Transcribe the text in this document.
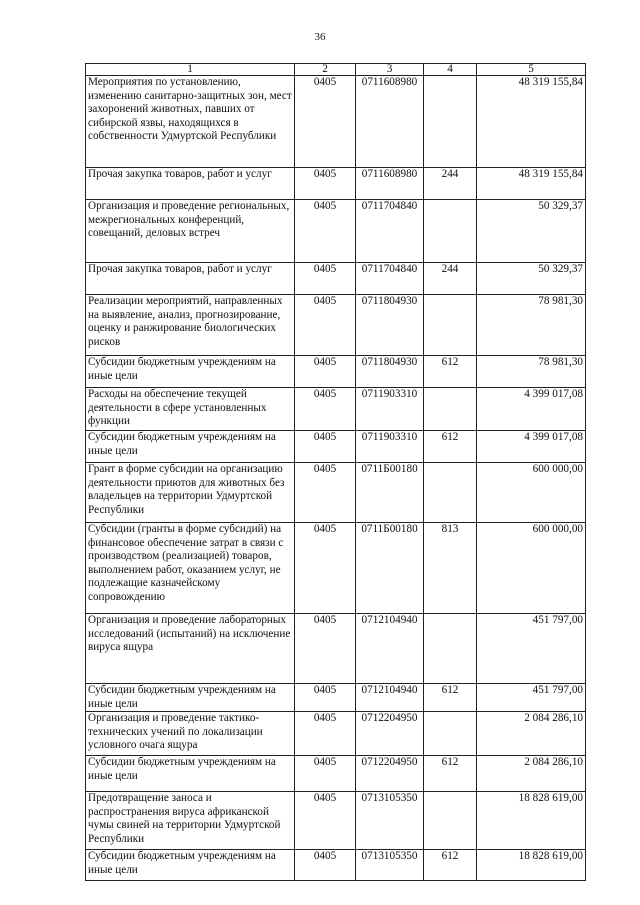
36
1	2	3	4	5
Мероприятия по установлению, изменению санитарно-защитных зон, мест захоронений животных, павших от сибирской язвы, находящихся в собственности Удмуртской Республики	0405	0711608980		48 319 155,84
Прочая закупка товаров, работ и услуг	0405	0711608980	244	48 319 155,84
Организация и проведение региональных, межрегиональных конференций, совещаний, деловых встреч	0405	0711704840		50 329,37
Прочая закупка товаров, работ и услуг	0405	0711704840	244	50 329,37
Реализации мероприятий, направленных на выявление, анализ, прогнозирование, оценку и ранжирование биологических рисков	0405	0711804930		78 981,30
Субсидии бюджетным учреждениям на иные цели	0405	0711804930	612	78 981,30
Расходы на обеспечение текущей деятельности в сфере установленных функции	0405	0711903310		4 399 017,08
Субсидии бюджетным учреждениям на иные цели	0405	0711903310	612	4 399 017,08
Грант в форме субсидии на организацию деятельности приютов для животных без владельцев на территории Удмуртской Республики	0405	0711Б00180		600 000,00
Субсидии (гранты в форме субсидий) на финансовое обеспечение затрат в связи с производством (реализацией) товаров, выполнением работ, оказанием услуг, не подлежащие казначейскому сопровождению	0405	0711Б00180	813	600 000,00
Организация и проведение лабораторных исследований (испытаний) на исключение вируса ящура	0405	0712104940		451 797,00
Субсидии бюджетным учреждениям на иные цели	0405	0712104940	612	451 797,00
Организация и проведение тактико-технических учений по локализации условного очага ящура	0405	0712204950		2 084 286,10
Субсидии бюджетным учреждениям на иные цели	0405	0712204950	612	2 084 286,10
Предотвращение заноса и распространения вируса африканской чумы свиней на территории Удмуртской Республики	0405	0713105350		18 828 619,00
Субсидии бюджетным учреждениям на иные цели	0405	0713105350	612	18 828 619,00
